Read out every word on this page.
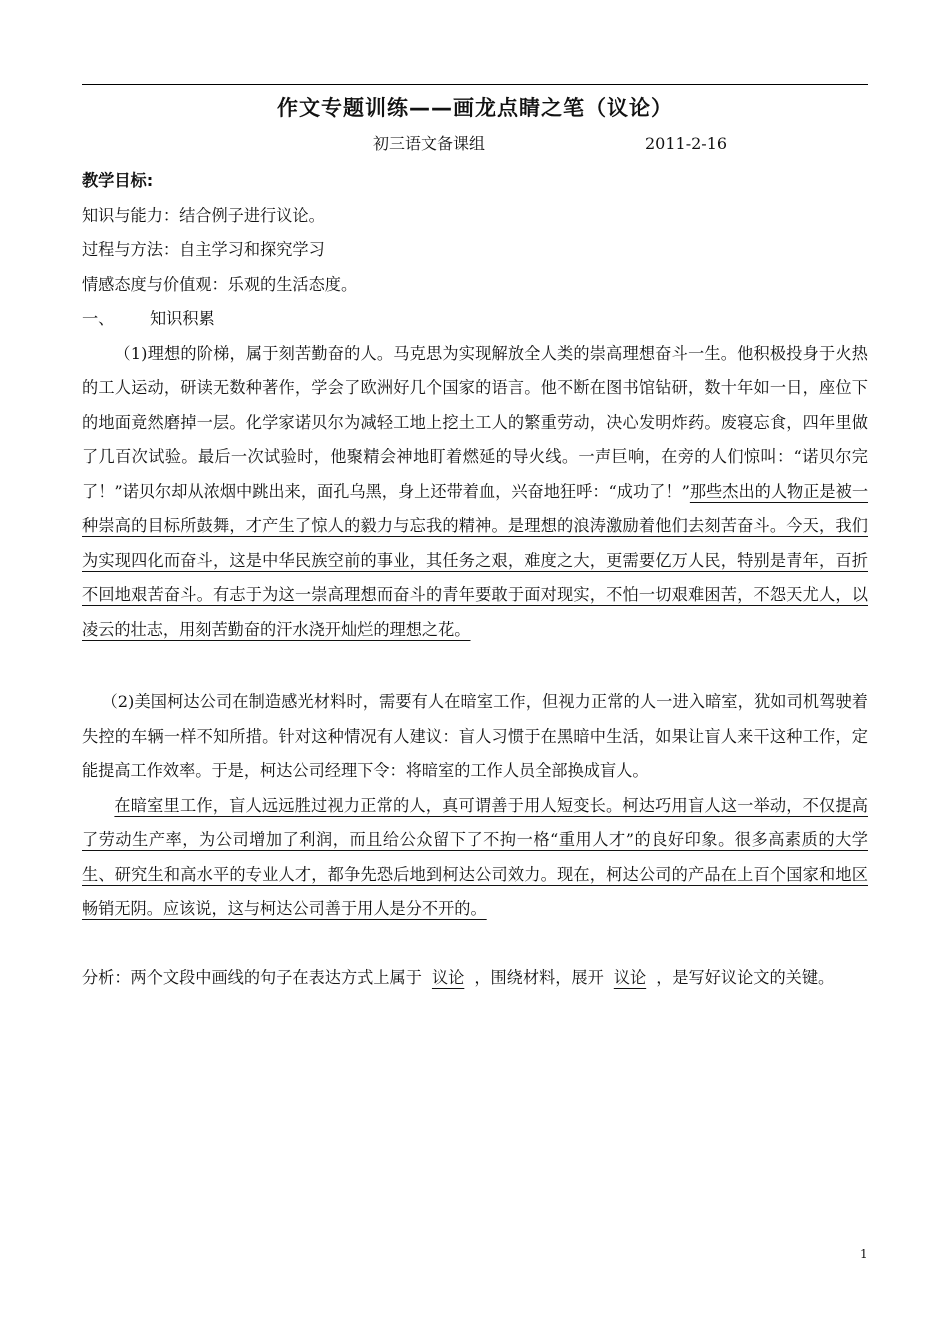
作文专题训练——画龙点睛之笔（议论）
初三语文备课组	2011-2-16

教学目标:

知识与能力：结合例子进行议论。

过程与方法：自主学习和探究学习

情感态度与价值观：乐观的生活态度。

一、 知识积累

（1)理想的阶梯，属于刻苦勤奋的人。马克思为实现解放全人类的崇高理想奋斗一生。他积极投身于火热的工人运动，研读无数种著作，学会了欧洲好几个国家的语言。他不断在图书馆钻研，数十年如一日，座位下的地面竟然磨掉一层。化学家诺贝尔为减轻工地上挖土工人的繁重劳动，决心发明炸药。废寝忘食，四年里做了几百次试验。最后一次试验时，他聚精会神地盯着燃延的导火线。一声巨响，在旁的人们惊叫：“诺贝尔完了！”诺贝尔却从浓烟中跳出来，面孔乌黑，身上还带着血，兴奋地狂呼：“成功了！”那些杰出的人物正是被一种崇高的目标所鼓舞，才产生了惊人的毅力与忘我的精神。是理想的浪涛激励着他们去刻苦奋斗。今天，我们为实现四化而奋斗，这是中华民族空前的事业，其任务之艰，难度之大，更需要亿万人民，特别是青年，百折不回地艰苦奋斗。有志于为这一崇高理想而奋斗的青年要敢于面对现实，不怕一切艰难困苦，不怨天尤人，以凌云的壮志，用刻苦勤奋的汗水浇开灿烂的理想之花。

（2)美国柯达公司在制造感光材料时，需要有人在暗室工作，但视力正常的人一进入暗室，犹如司机驾驶着失控的车辆一样不知所措。针对这种情况有人建议：盲人习惯于在黑暗中生活，如果让盲人来干这种工作，定能提高工作效率。于是，柯达公司经理下令：将暗室的工作人员全部换成盲人。

在暗室里工作，盲人远远胜过视力正常的人，真可谓善于用人短变长。柯达巧用盲人这一举动，不仅提高了劳动生产率，为公司增加了利润，而且给公众留下了不拘一格“重用人才”的良好印象。很多高素质的大学生、研究生和高水平的专业人才，都争先恐后地到柯达公司效力。现在，柯达公司的产品在上百个国家和地区畅销无阴。应该说，这与柯达公司善于用人是分不开的。

分析：两个文段中画线的句子在表达方式上属于 议论 ，围绕材料，展开 议论 ，是写好议论文的关键。

1
